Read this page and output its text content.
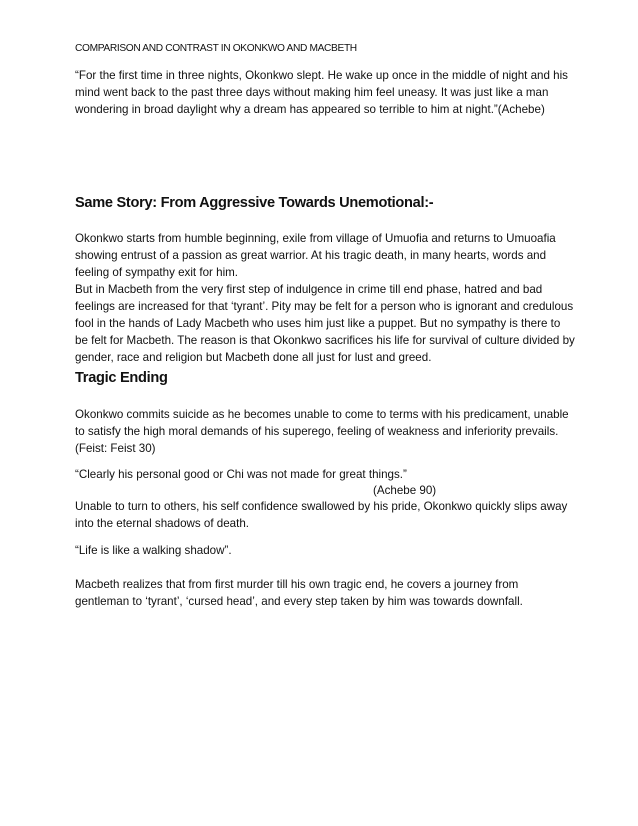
COMPARISON AND CONTRAST IN OKONKWO AND MACBETH

“For the first time in three nights, Okonkwo slept. He wake up once in the middle of night and his mind went back to the past three days without making him feel uneasy. It was just like a man wondering in broad daylight why a dream has appeared so terrible to him at night.”(Achebe)

Same Story: From Aggressive Towards Unemotional:-

Okonkwo starts from humble beginning, exile from village of Umuofia and returns to Umuoafia showing entrust of a passion as great warrior. At his tragic death, in many hearts, words and feeling of sympathy exit for him.

But in Macbeth from the very first step of indulgence in crime till end phase, hatred and bad feelings are increased for that ‘tyrant’. Pity may be felt for a person who is ignorant and credulous fool in the hands of Lady Macbeth who uses him just like a puppet. But no sympathy is there to be felt for Macbeth. The reason is that Okonkwo sacrifices his life for survival of culture divided by gender, race and religion but Macbeth done all just for lust and greed.

Tragic Ending

Okonkwo commits suicide as he becomes unable to come to terms with his predicament, unable to satisfy the high moral demands of his superego, feeling of weakness and inferiority prevails. (Feist: Feist 30)

“Clearly his personal good or Chi was not made for great things.”

(Achebe 90)

Unable to turn to others, his self confidence swallowed by his pride, Okonkwo quickly slips away into the eternal shadows of death.

“Life is like a walking shadow”.

Macbeth realizes that from first murder till his own tragic end, he covers a journey from gentleman to ‘tyrant’, ‘cursed head’, and every step taken by him was towards downfall.
